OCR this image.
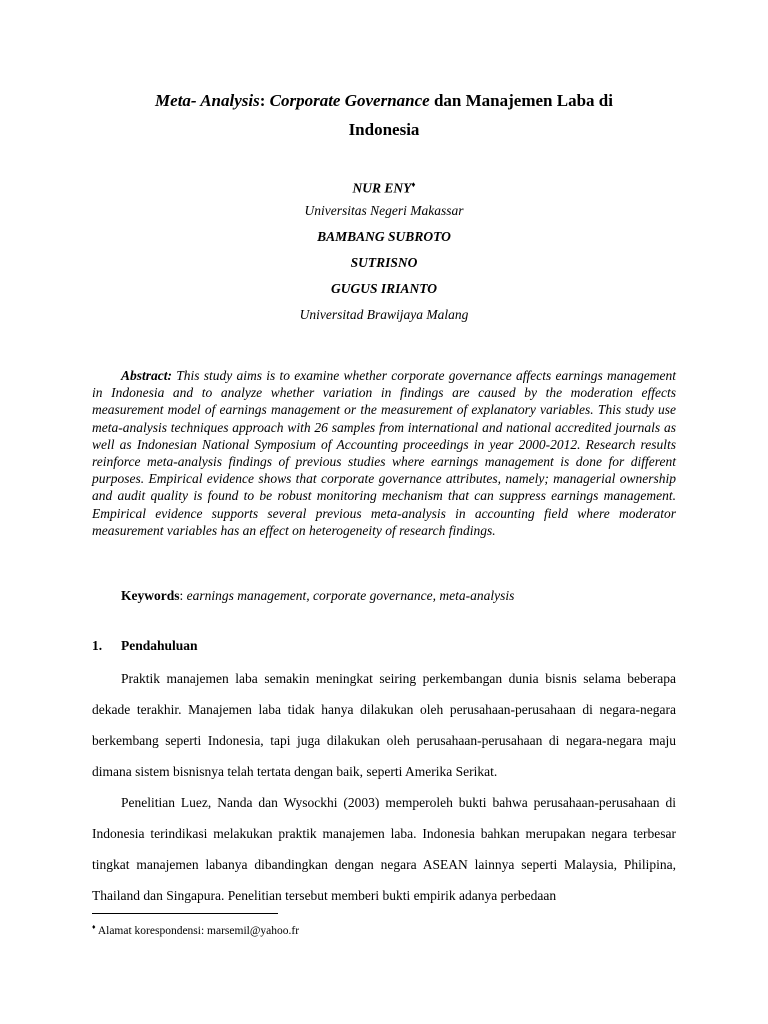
Meta- Analysis: Corporate Governance dan Manajemen Laba di
Indonesia
NUR ENY♦
Universitas Negeri Makassar
BAMBANG SUBROTO
SUTRISNO
GUGUS IRIANTO
Universitad Brawijaya Malang

Abstract: This study aims is to examine whether corporate governance affects earnings management in Indonesia and to analyze whether variation in findings are caused by the moderation effects measurement model of earnings management or the measurement of explanatory variables. This study use meta-analysis techniques approach with 26 samples from international and national accredited journals as well as Indonesian National Symposium of Accounting proceedings in year 2000-2012. Research results reinforce meta-analysis findings of previous studies where earnings management is done for different purposes. Empirical evidence shows that corporate governance attributes, namely; managerial ownership and audit quality is found to be robust monitoring mechanism that can suppress earnings management. Empirical evidence supports several previous meta-analysis in accounting field where moderator measurement variables has an effect on heterogeneity of research findings.

Keywords: earnings management, corporate governance, meta-analysis
1. Pendahuluan

Praktik manajemen laba semakin meningkat seiring perkembangan dunia bisnis selama beberapa dekade terakhir. Manajemen laba tidak hanya dilakukan oleh perusahaan-perusahaan di negara-negara berkembang seperti Indonesia, tapi juga dilakukan oleh perusahaan-perusahaan di negara-negara maju dimana sistem bisnisnya telah tertata dengan baik, seperti Amerika Serikat.

Penelitian Luez, Nanda dan Wysockhi (2003) memperoleh bukti bahwa perusahaan-perusahaan di Indonesia terindikasi melakukan praktik manajemen laba. Indonesia bahkan merupakan negara terbesar tingkat manajemen labanya dibandingkan dengan negara ASEAN lainnya seperti Malaysia, Philipina, Thailand dan Singapura. Penelitian tersebut memberi bukti empirik adanya perbedaan

♦ Alamat korespondensi: marsemil@yahoo.fr
